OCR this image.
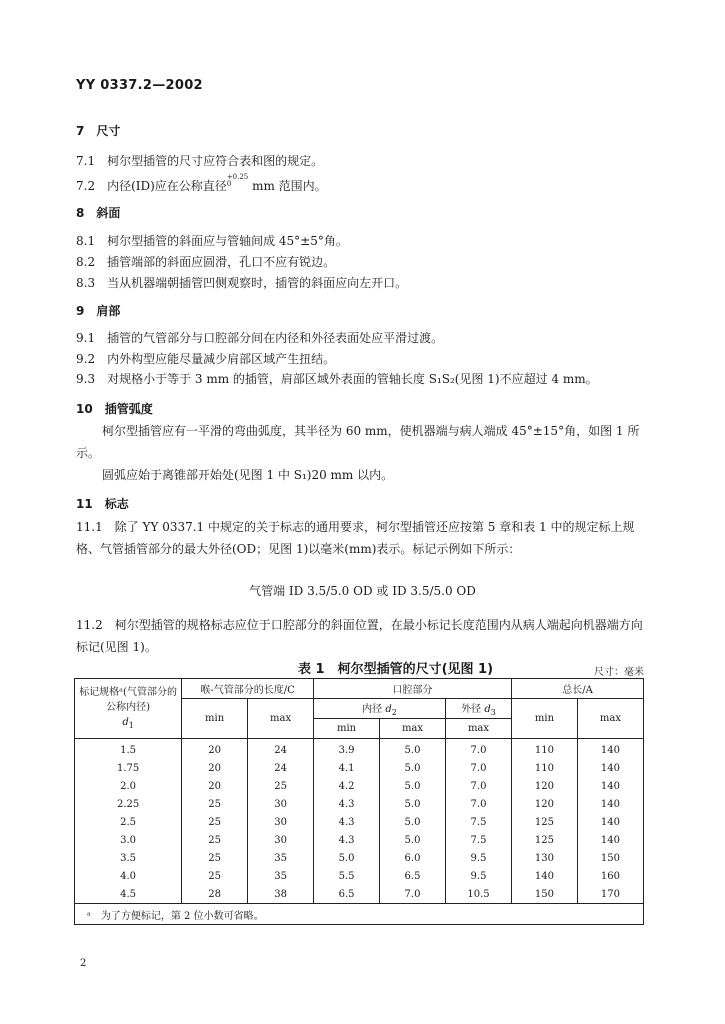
YY 0337.2—2002
7　尺寸
7.1　柯尔型插管的尺寸应符合表和图的规定。
7.2　内径(ID)应在公称直径+0.25
0 mm 范围内。
8　斜面
8.1　柯尔型插管的斜面应与管轴间成 45°±5°角。
8.2　插管端部的斜面应圆滑，孔口不应有锐边。
8.3　当从机器端朝插管凹侧观察时，插管的斜面应向左开口。
9　肩部
9.1　插管的气管部分与口腔部分间在内径和外径表面处应平滑过渡。
9.2　内外构型应能尽量减少肩部区域产生扭结。
9.3　对规格小于等于 3 mm 的插管，肩部区域外表面的管轴长度 S₁S₂(见图 1)不应超过 4 mm。
10　插管弧度
柯尔型插管应有一平滑的弯曲弧度，其半径为 60 mm，使机器端与病人端成 45°±15°角，如图 1 所示。
圆弧应始于离锥部开始处(见图 1 中 S₁)20 mm 以内。
11　标志
11.1　除了 YY 0337.1 中规定的关于标志的通用要求，柯尔型插管还应按第 5 章和表 1 中的规定标上规格、气管插管部分的最大外径(OD；见图 1)以毫米(mm)表示。标记示例如下所示：
气管端 ID 3.5/5.0 OD 或 ID 3.5/5.0 OD
11.2　柯尔型插管的规格标志应位于口腔部分的斜面位置，在最小标记长度范围内从病人端起向机器端方向标记(见图 1)。
表 1　柯尔型插管的尺寸(见图 1)	尺寸：毫米
标记规格ᵃ(气管部分的公称内径)
$d_1$	喉-气管部分的长度/C		口腔部分			总长/A	
	min	max	内径 $d_2$		外径 $d_3$	min	max
			min	max	max		
1.5	20	24	3.9	5.0	7.0	110	140
1.75	20	24	4.1	5.0	7.0	110	140
2.0	20	25	4.2	5.0	7.0	120	140
2.25	25	30	4.3	5.0	7.0	120	140
2.5	25	30	4.3	5.0	7.5	125	140
3.0	25	30	4.3	5.0	7.5	125	140
3.5	25	35	5.0	6.0	9.5	130	150
4.0	25	35	5.5	6.5	9.5	140	160
4.5	28	38	6.5	7.0	10.5	150	170
ᵃ　为了方便标记，第 2 位小数可省略。							
2
